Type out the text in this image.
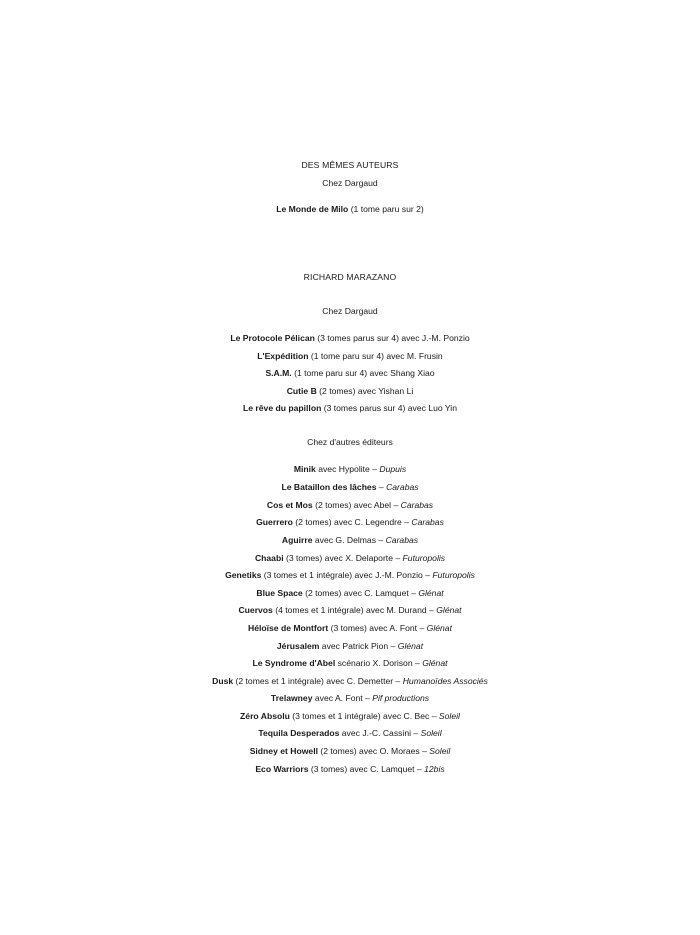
DES MÊMES AUTEURS
Chez Dargaud
Le Monde de Milo (1 tome paru sur 2)
RICHARD MARAZANO
Chez Dargaud
Le Protocole Pélican (3 tomes parus sur 4) avec J.-M. Ponzio
L'Expédition (1 tome paru sur 4) avec M. Frusin
S.A.M. (1 tome paru sur 4) avec Shang Xiao
Cutie B (2 tomes) avec Yishan Li
Le rêve du papillon (3 tomes parus sur 4) avec Luo Yin
Chez d'autres éditeurs
Minik avec Hypolite – Dupuis
Le Bataillon des lâches – Carabas
Cos et Mos (2 tomes) avec Abel – Carabas
Guerrero (2 tomes) avec C. Legendre – Carabas
Aguirre avec G. Delmas – Carabas
Chaabi (3 tomes) avec X. Delaporte – Futuropolis
Genetiks (3 tomes et 1 intégrale) avec J.-M. Ponzio – Futuropolis
Blue Space (2 tomes) avec C. Lamquet – Glénat
Cuervos (4 tomes et 1 intégrale) avec M. Durand – Glénat
Héloïse de Montfort (3 tomes) avec A. Font – Glénat
Jérusalem avec Patrick Pion – Glénat
Le Syndrome d'Abel scénario X. Dorison – Glénat
Dusk (2 tomes et 1 intégrale) avec C. Demetter – Humanoïdes Associés
Trelawney avec A. Font – Pif productions
Zéro Absolu (3 tomes et 1 intégrale) avec C. Bec – Soleil
Tequila Desperados avec J.-C. Cassini – Soleil
Sidney et Howell (2 tomes) avec O. Moraes – Soleil
Eco Warriors (3 tomes) avec C. Lamquet – 12bis
